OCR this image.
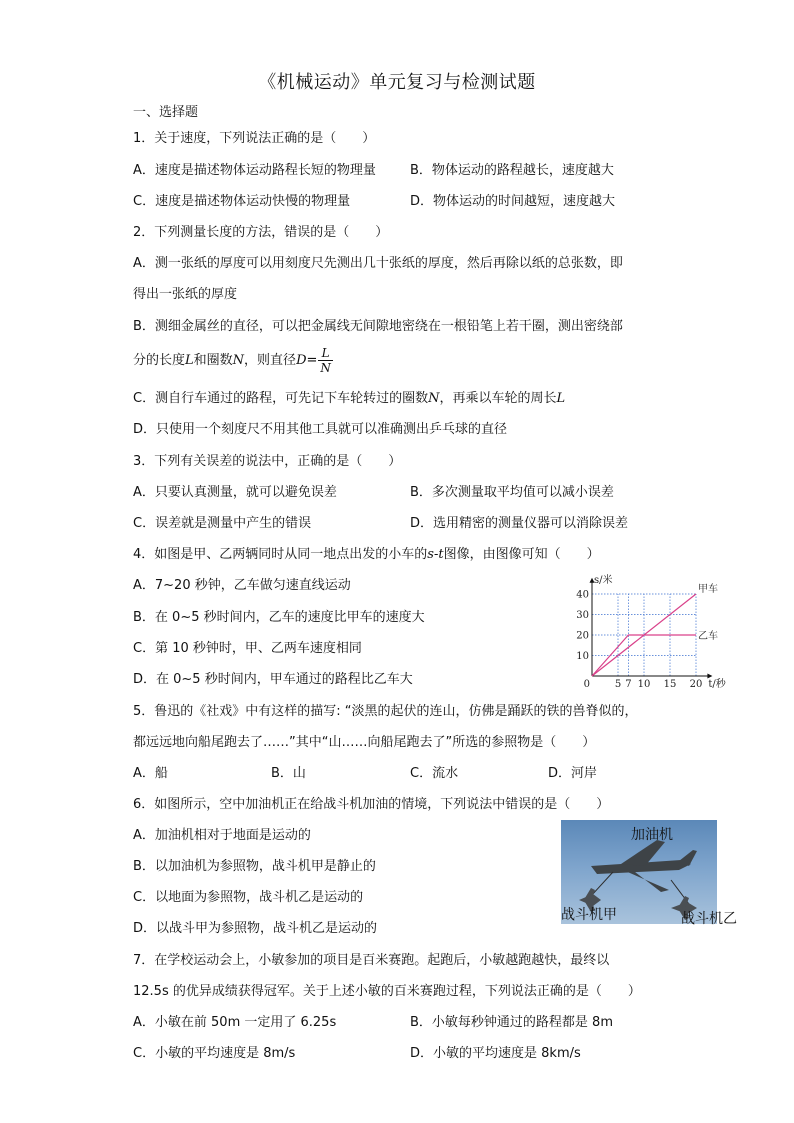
《机械运动》单元复习与检测试题
一、选择题
1．关于速度，下列说法正确的是（　　）
A．速度是描述物体运动路程长短的物理量	B．物体运动的路程越长，速度越大
C．速度是描述物体运动快慢的物理量	D．物体运动的时间越短，速度越大
2．下列测量长度的方法，错误的是（　　）
A．测一张纸的厚度可以用刻度尺先测出几十张纸的厚度，然后再除以纸的总张数，即
得出一张纸的厚度
B．测细金属丝的直径，可以把金属线无间隙地密绕在一根铅笔上若干圈，测出密绕部
分的长度L和圈数N，则直径$D= \frac{L}{N}$
C．测自行车通过的路程，可先记下车轮转过的圈数N，再乘以车轮的周长L
D．只使用一个刻度尺不用其他工具就可以准确测出乒乓球的直径
3．下列有关误差的说法中，正确的是（　　）
A．只要认真测量，就可以避免误差	B．多次测量取平均值可以减小误差
C．误差就是测量中产生的错误	D．选用精密的测量仪器可以消除误差
4．如图是甲、乙两辆同时从同一地点出发的小车的s-t图像，由图像可知（　　）
A．7~20 秒钟，乙车做匀速直线运动
B．在 0~5 秒时间内，乙车的速度比甲车的速度大
C．第 10 秒钟时，甲、乙两车速度相同
D．在 0~5 秒时间内，甲车通过的路程比乙车大	5 7 10 15 20
10
20
30
40
0	t/秒
s/米
甲车
乙车
5．鲁迅的《社戏》中有这样的描写: “淡黑的起伏的连山，仿佛是踊跃的铁的兽脊似的，
都远远地向船尾跑去了……”其中“山……向船尾跑去了”所选的参照物是（　　）
A．船	B．山	C．流水	D．河岸
6．如图所示，空中加油机正在给战斗机加油的情境，下列说法中错误的是（　　）
A．加油机相对于地面是运动的
B．以加油机为参照物，战斗机甲是静止的
C．以地面为参照物，战斗机乙是运动的
D．以战斗甲为参照物，战斗机乙是运动的
加油机
战斗机甲	战斗机乙
7．在学校运动会上，小敏参加的项目是百米赛跑。起跑后，小敏越跑越快，最终以
12.5s 的优异成绩获得冠军。关于上述小敏的百米赛跑过程，下列说法正确的是（　　）
A．小敏在前 50m 一定用了 6.25s	B．小敏每秒钟通过的路程都是 8m
C．小敏的平均速度是 8m/s	D．小敏的平均速度是 8km/s
